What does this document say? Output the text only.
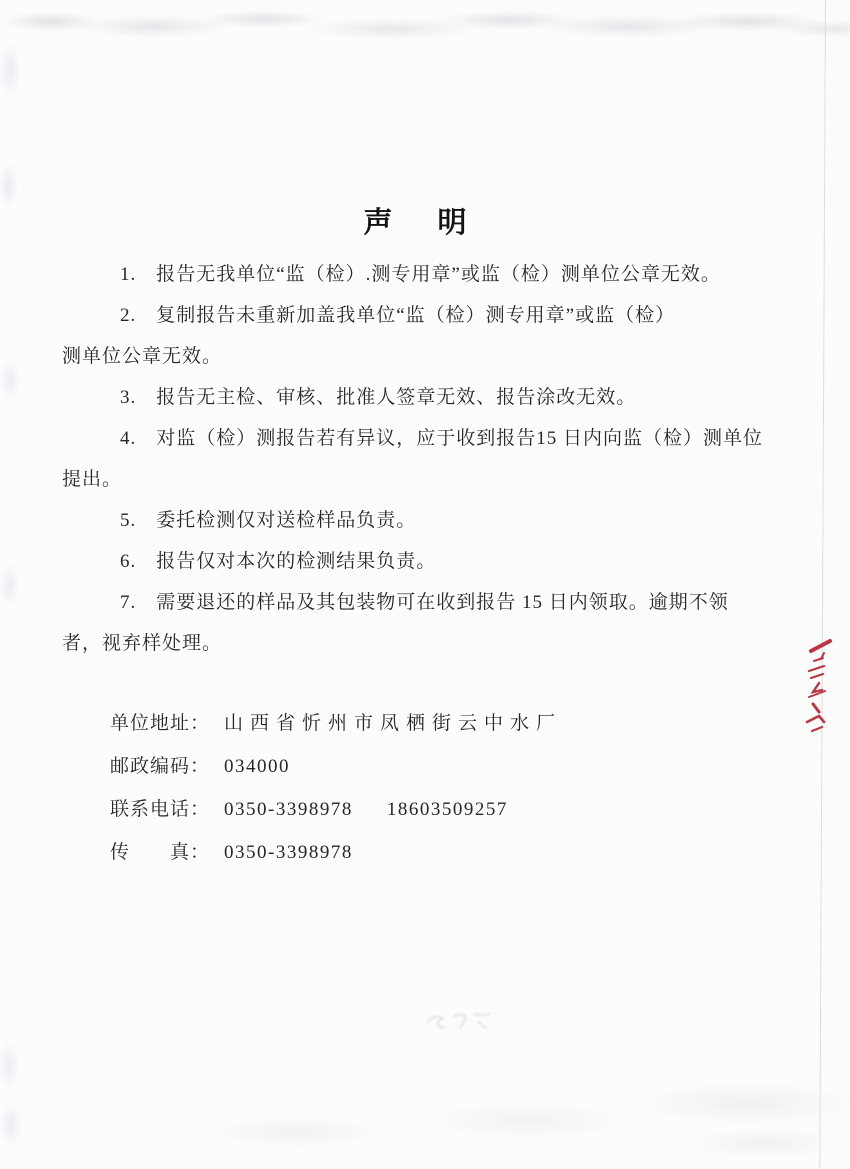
声　明

1.　报告无我单位“监（检）.测专用章”或监（检）测单位公章无效。

2.　复制报告未重新加盖我单位“监（检）测专用章”或监（检）

测单位公章无效。

3.　报告无主检、审核、批准人签章无效、报告涂改无效。

4.　对监（检）测报告若有异议，应于收到报告15 日内向监（检）测单位

提出。

5.　委托检测仅对送检样品负责。

6.　报告仅对本次的检测结果负责。

7.　需要退还的样品及其包装物可在收到报告 15 日内领取。逾期不领

者，视弃样处理。

单位地址： 山西省忻州市凤栖街云中水厂
邮政编码： 034000
联系电话： 0350-3398978 18603509257
传　　真： 0350-3398978
